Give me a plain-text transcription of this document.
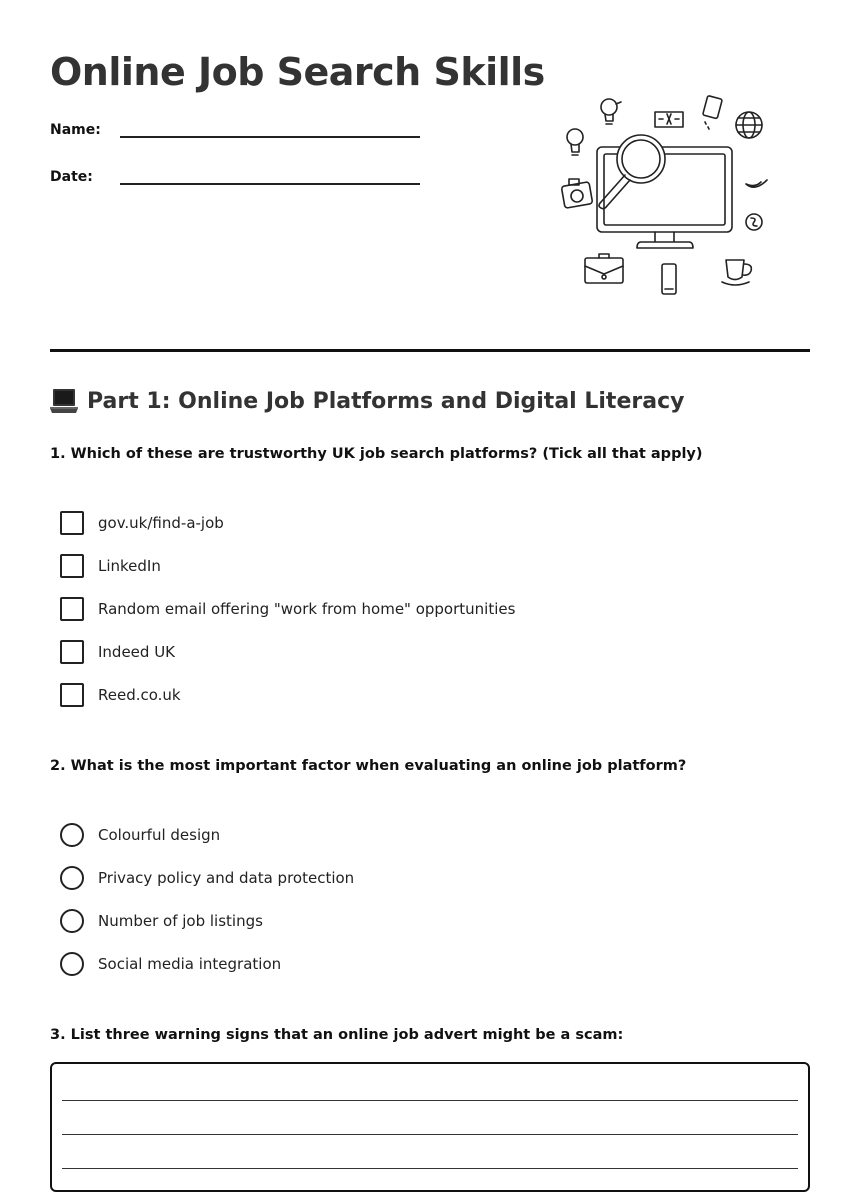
Online Job Search Skills
Name:
Date:
Part 1: Online Job Platforms and Digital Literacy

1. Which of these are trustworthy UK job search platforms? (Tick all that apply)

gov.uk/find-a-job
LinkedIn
Random email offering "work from home" opportunities
Indeed UK
Reed.co.uk

2. What is the most important factor when evaluating an online job platform?

Colourful design
Privacy policy and data protection
Number of job listings
Social media integration

3. List three warning signs that an online job advert might be a scam:
